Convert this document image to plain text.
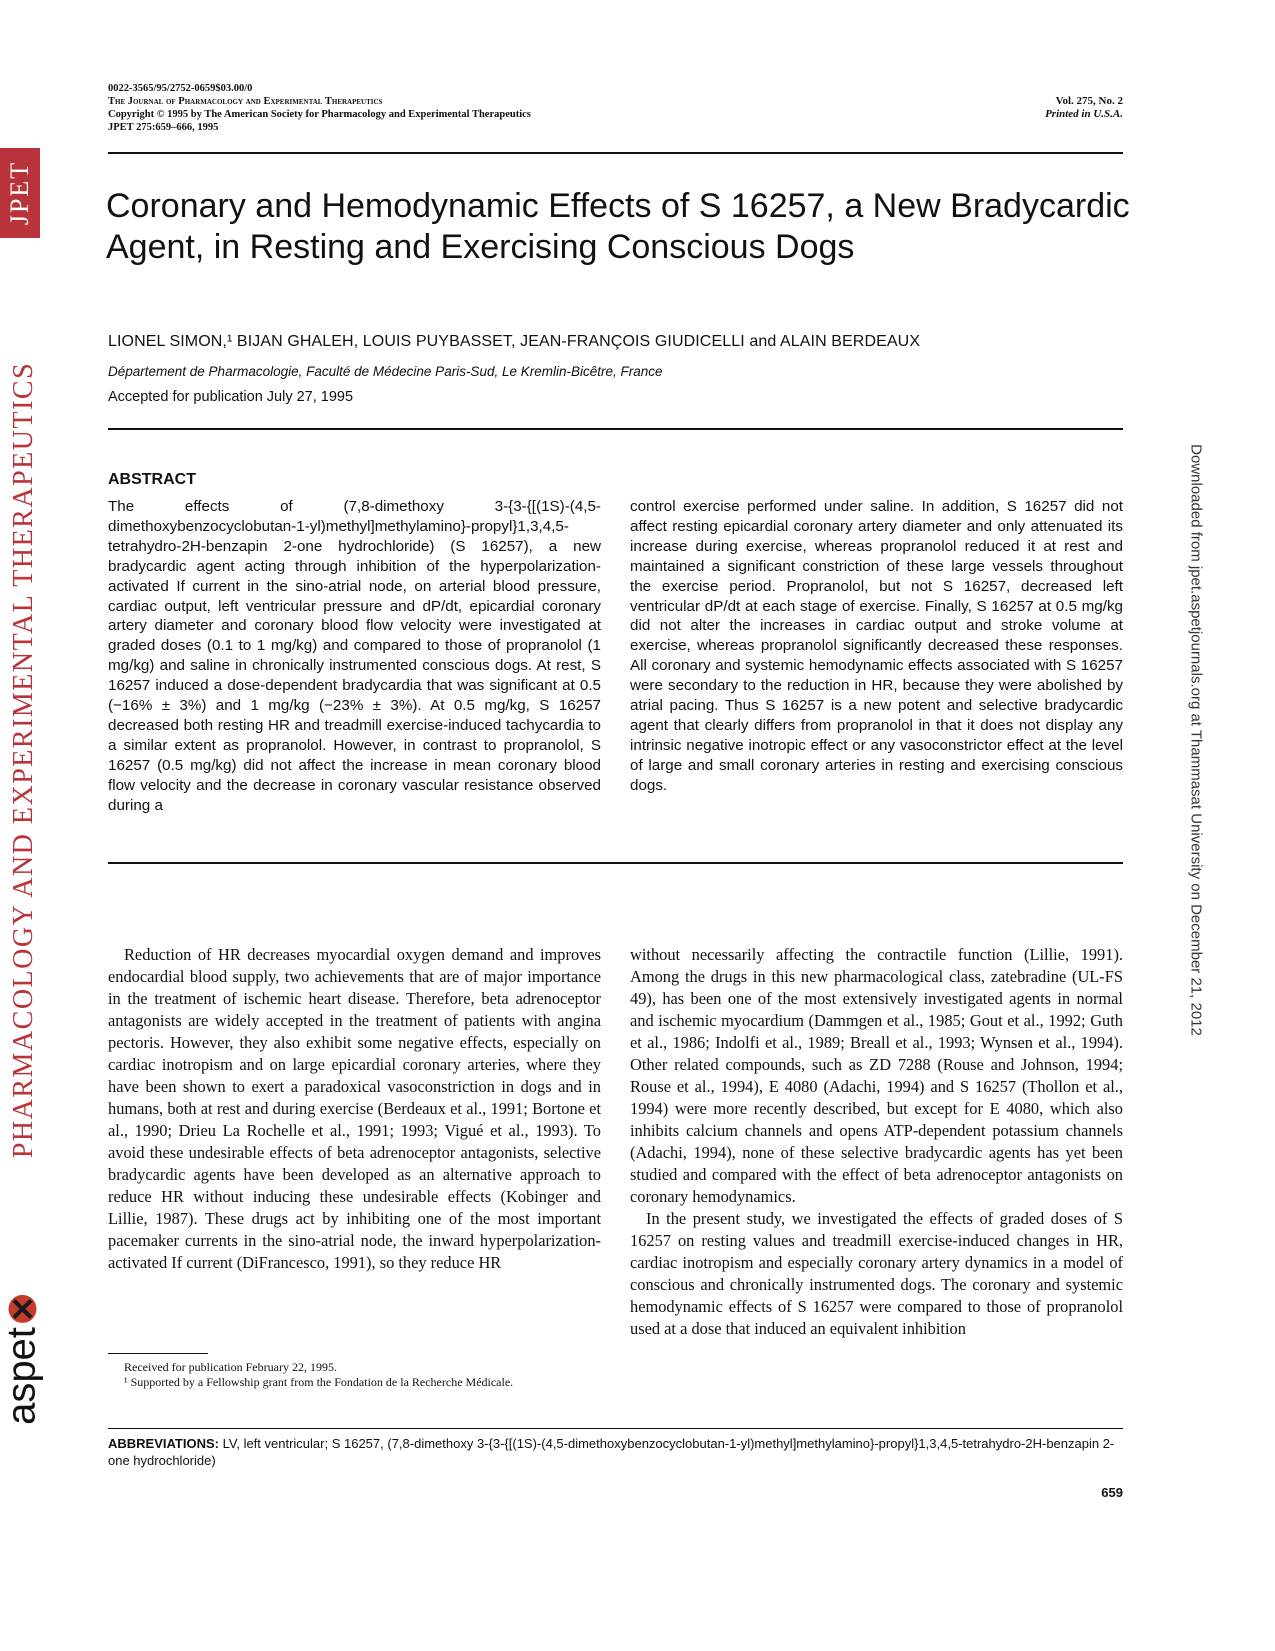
JPET
PHARMACOLOGY AND EXPERIMENTAL THERAPEUTICS
aspet
Downloaded from jpet.aspetjournals.org at Thammasat University on December 21, 2012
0022-3565/95/2752-0659$03.00/0
The Journal of Pharmacology and Experimental Therapeutics
Copyright © 1995 by The American Society for Pharmacology and Experimental Therapeutics
JPET 275:659–666, 1995
Vol. 275, No. 2
Printed in U.S.A.
Coronary and Hemodynamic Effects of S 16257, a New Bradycardic Agent, in Resting and Exercising Conscious Dogs
LIONEL SIMON,¹ BIJAN GHALEH, LOUIS PUYBASSET, JEAN-FRANÇOIS GIUDICELLI and ALAIN BERDEAUX
Département de Pharmacologie, Faculté de Médecine Paris-Sud, Le Kremlin-Bicêtre, France
Accepted for publication July 27, 1995
ABSTRACT
The effects of (7,8-dimethoxy 3-{3-{[(1S)-(4,5-dimethoxybenzocyclobutan-1-yl)methyl]methylamino}-propyl}1,3,4,5-tetrahydro-2H-benzapin 2-one hydrochloride) (S 16257), a new bradycardic agent acting through inhibition of the hyperpolarization-activated If current in the sino-atrial node, on arterial blood pressure, cardiac output, left ventricular pressure and dP/dt, epicardial coronary artery diameter and coronary blood flow velocity were investigated at graded doses (0.1 to 1 mg/kg) and compared to those of propranolol (1 mg/kg) and saline in chronically instrumented conscious dogs. At rest, S 16257 induced a dose-dependent bradycardia that was significant at 0.5 (−16% ± 3%) and 1 mg/kg (−23% ± 3%). At 0.5 mg/kg, S 16257 decreased both resting HR and treadmill exercise-induced tachycardia to a similar extent as propranolol. However, in contrast to propranolol, S 16257 (0.5 mg/kg) did not affect the increase in mean coronary blood flow velocity and the decrease in coronary vascular resistance observed during a
control exercise performed under saline. In addition, S 16257 did not affect resting epicardial coronary artery diameter and only attenuated its increase during exercise, whereas propranolol reduced it at rest and maintained a significant constriction of these large vessels throughout the exercise period. Propranolol, but not S 16257, decreased left ventricular dP/dt at each stage of exercise. Finally, S 16257 at 0.5 mg/kg did not alter the increases in cardiac output and stroke volume at exercise, whereas propranolol significantly decreased these responses. All coronary and systemic hemodynamic effects associated with S 16257 were secondary to the reduction in HR, because they were abolished by atrial pacing. Thus S 16257 is a new potent and selective bradycardic agent that clearly differs from propranolol in that it does not display any intrinsic negative inotropic effect or any vasoconstrictor effect at the level of large and small coronary arteries in resting and exercising conscious dogs.

Reduction of HR decreases myocardial oxygen demand and improves endocardial blood supply, two achievements that are of major importance in the treatment of ischemic heart disease. Therefore, beta adrenoceptor antagonists are widely accepted in the treatment of patients with angina pectoris. However, they also exhibit some negative effects, especially on cardiac inotropism and on large epicardial coronary arteries, where they have been shown to exert a paradoxical vasoconstriction in dogs and in humans, both at rest and during exercise (Berdeaux et al., 1991; Bortone et al., 1990; Drieu La Rochelle et al., 1991; 1993; Vigué et al., 1993). To avoid these undesirable effects of beta adrenoceptor antagonists, selective bradycardic agents have been developed as an alternative approach to reduce HR without inducing these undesirable effects (Kobinger and Lillie, 1987). These drugs act by inhibiting one of the most important pacemaker currents in the sino-atrial node, the inward hyperpolarization-activated If current (DiFrancesco, 1991), so they reduce HR

without necessarily affecting the contractile function (Lillie, 1991). Among the drugs in this new pharmacological class, zatebradine (UL-FS 49), has been one of the most extensively investigated agents in normal and ischemic myocardium (Dammgen et al., 1985; Gout et al., 1992; Guth et al., 1986; Indolfi et al., 1989; Breall et al., 1993; Wynsen et al., 1994). Other related compounds, such as ZD 7288 (Rouse and Johnson, 1994; Rouse et al., 1994), E 4080 (Adachi, 1994) and S 16257 (Thollon et al., 1994) were more recently described, but except for E 4080, which also inhibits calcium channels and opens ATP-dependent potassium channels (Adachi, 1994), none of these selective bradycardic agents has yet been studied and compared with the effect of beta adrenoceptor antagonists on coronary hemodynamics.

In the present study, we investigated the effects of graded doses of S 16257 on resting values and treadmill exercise-induced changes in HR, cardiac inotropism and especially coronary artery dynamics in a model of conscious and chronically instrumented dogs. The coronary and systemic hemodynamic effects of S 16257 were compared to those of propranolol used at a dose that induced an equivalent inhibition

Received for publication February 22, 1995.
¹ Supported by a Fellowship grant from the Fondation de la Recherche Médicale.
ABBREVIATIONS: LV, left ventricular; S 16257, (7,8-dimethoxy 3-{3-{[(1S)-(4,5-dimethoxybenzocyclobutan-1-yl)methyl]methylamino}-propyl}1,3,4,5-tetrahydro-2H-benzapin 2-one hydrochloride)
659
